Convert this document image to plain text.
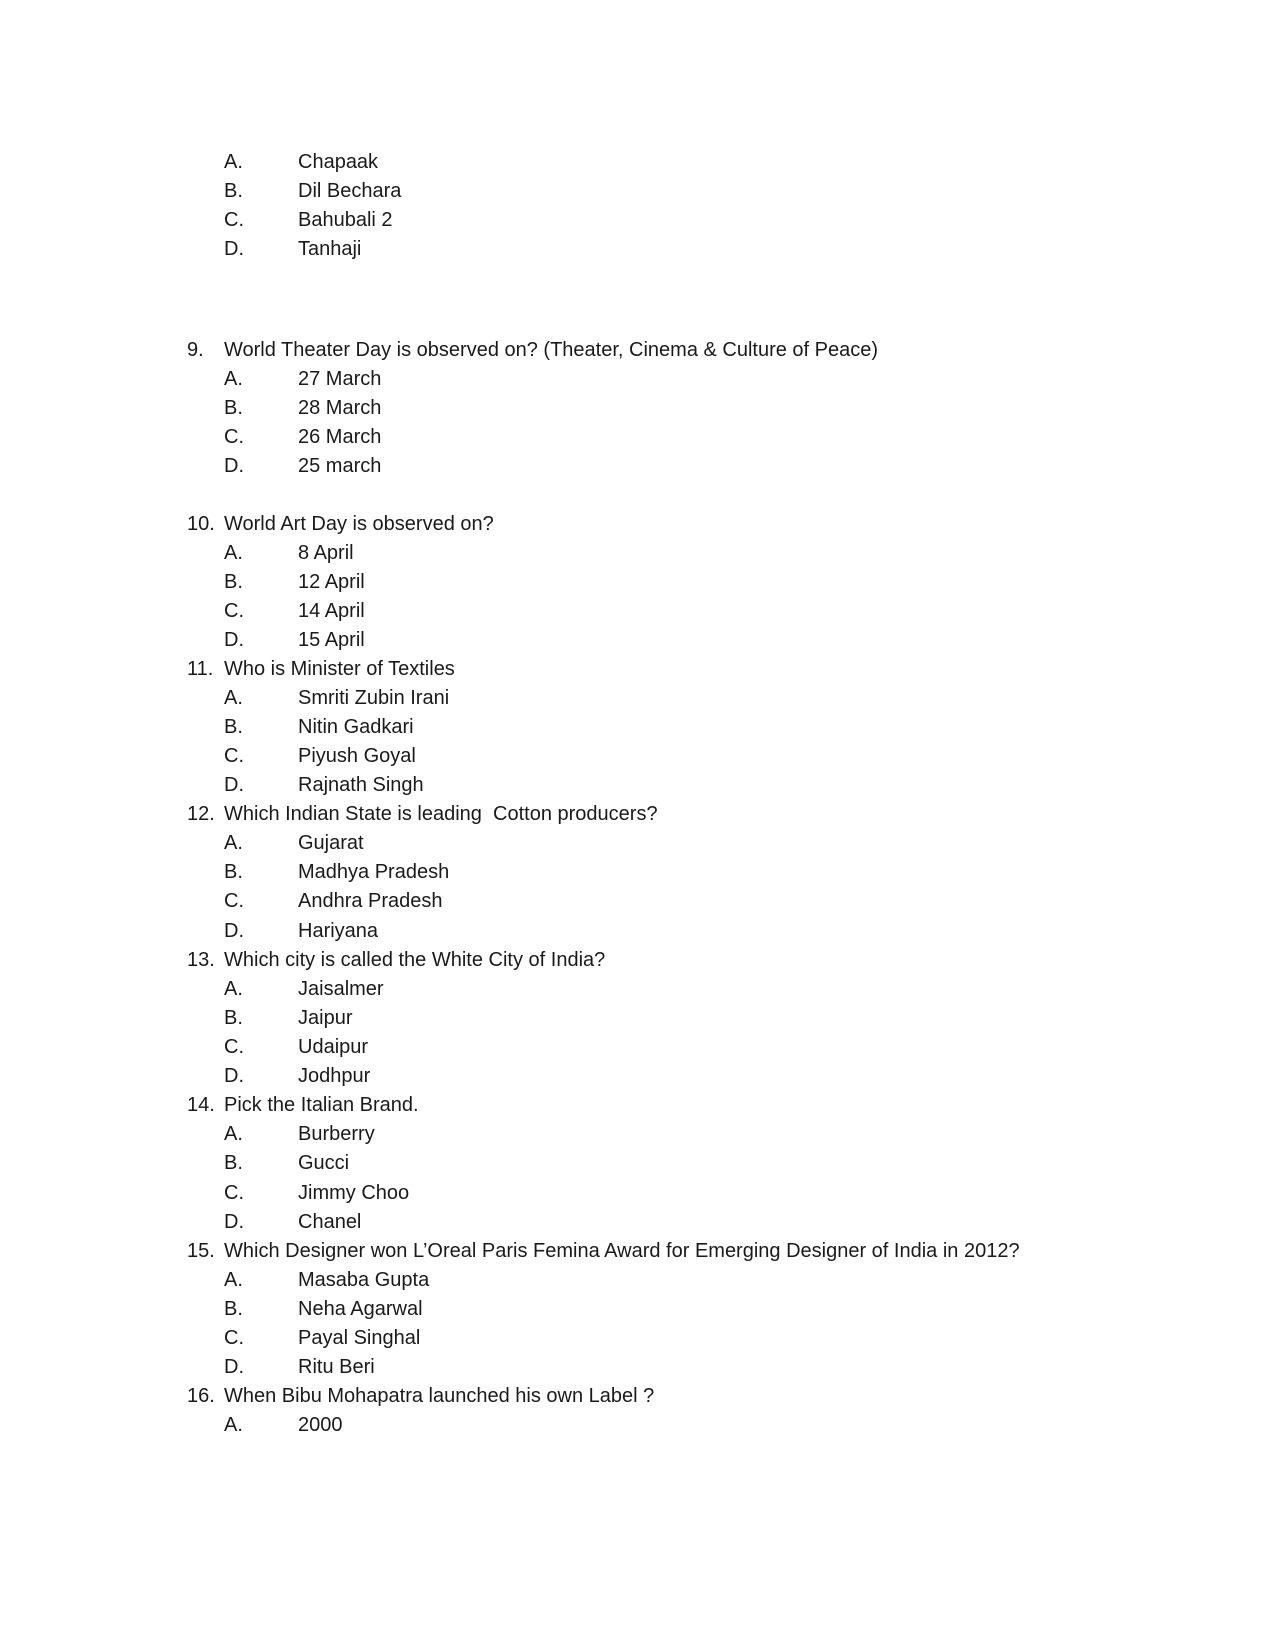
A.	Chapaak
B.	Dil Bechara
C.	Bahubali 2
D.	Tanhaji
9. World Theater Day is observed on? (Theater, Cinema & Culture of Peace)
A.	27 March
B.	28 March
C.	26 March
D.	25 march
10. World Art Day is observed on?
A.	8 April
B.	12 April
C.	14 April
D.	15 April
11. Who is Minister of Textiles
A.	Smriti Zubin Irani
B.	Nitin Gadkari
C.	Piyush Goyal
D.	Rajnath Singh
12. Which Indian State is leading  Cotton producers?
A.	Gujarat
B.	Madhya Pradesh
C.	Andhra Pradesh
D.	Hariyana
13. Which city is called the White City of India?
A.	Jaisalmer
B.	Jaipur
C.	Udaipur
D.	Jodhpur
14. Pick the Italian Brand.
A.	Burberry
B.	Gucci
C.	Jimmy Choo
D.	Chanel
15. Which Designer won L’Oreal Paris Femina Award for Emerging Designer of India in 2012?
A.	Masaba Gupta
B.	Neha Agarwal
C.	Payal Singhal
D.	Ritu Beri
16. When Bibu Mohapatra launched his own Label ?
A.	2000
